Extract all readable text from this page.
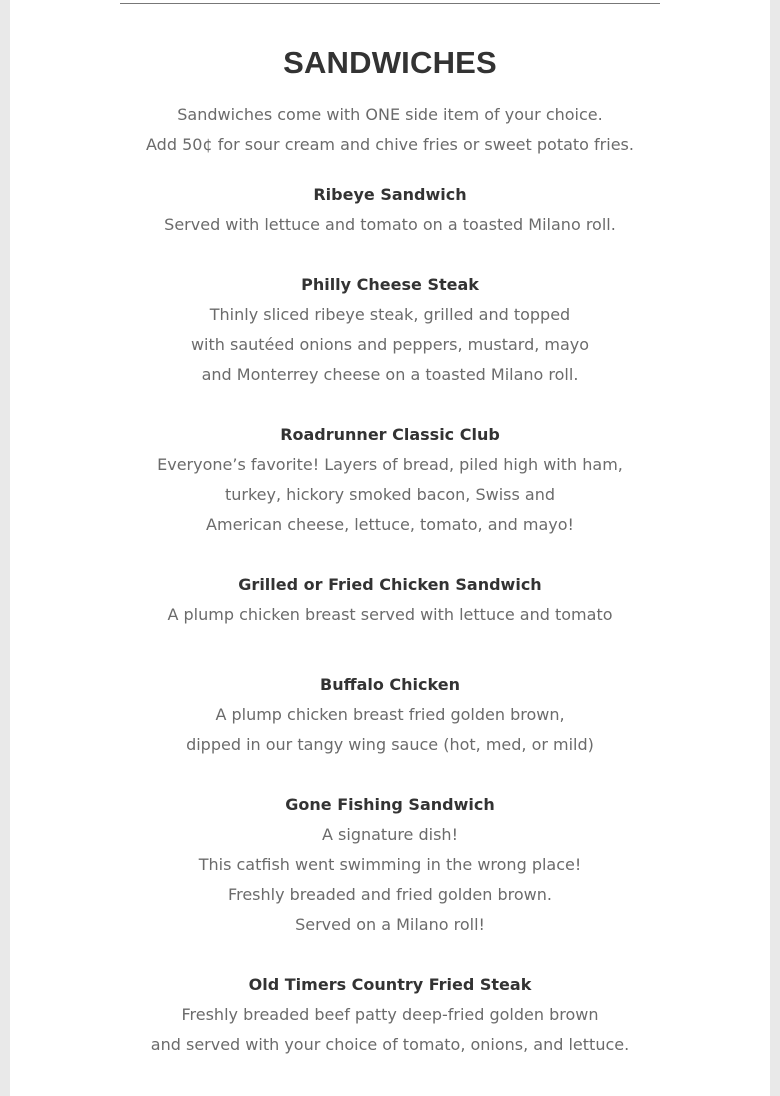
SANDWICHES
Sandwiches come with ONE side item of your choice.
Add 50¢ for sour cream and chive fries or sweet potato fries.
Ribeye Sandwich
Served with lettuce and tomato on a toasted Milano roll.
Philly Cheese Steak
Thinly sliced ribeye steak, grilled and topped
with sautéed onions and peppers, mustard, mayo
and Monterrey cheese on a toasted Milano roll.
Roadrunner Classic Club
Everyone’s favorite! Layers of bread, piled high with ham,
turkey, hickory smoked bacon, Swiss and
American cheese, lettuce, tomato, and mayo!
Grilled or Fried Chicken Sandwich
A plump chicken breast served with lettuce and tomato
Buffalo Chicken
A plump chicken breast fried golden brown,
dipped in our tangy wing sauce (hot, med, or mild)
Gone Fishing Sandwich
A signature dish!
This catfish went swimming in the wrong place!
Freshly breaded and fried golden brown.
Served on a Milano roll!
Old Timers Country Fried Steak
Freshly breaded beef patty deep-fried golden brown
and served with your choice of tomato, onions, and lettuce.
